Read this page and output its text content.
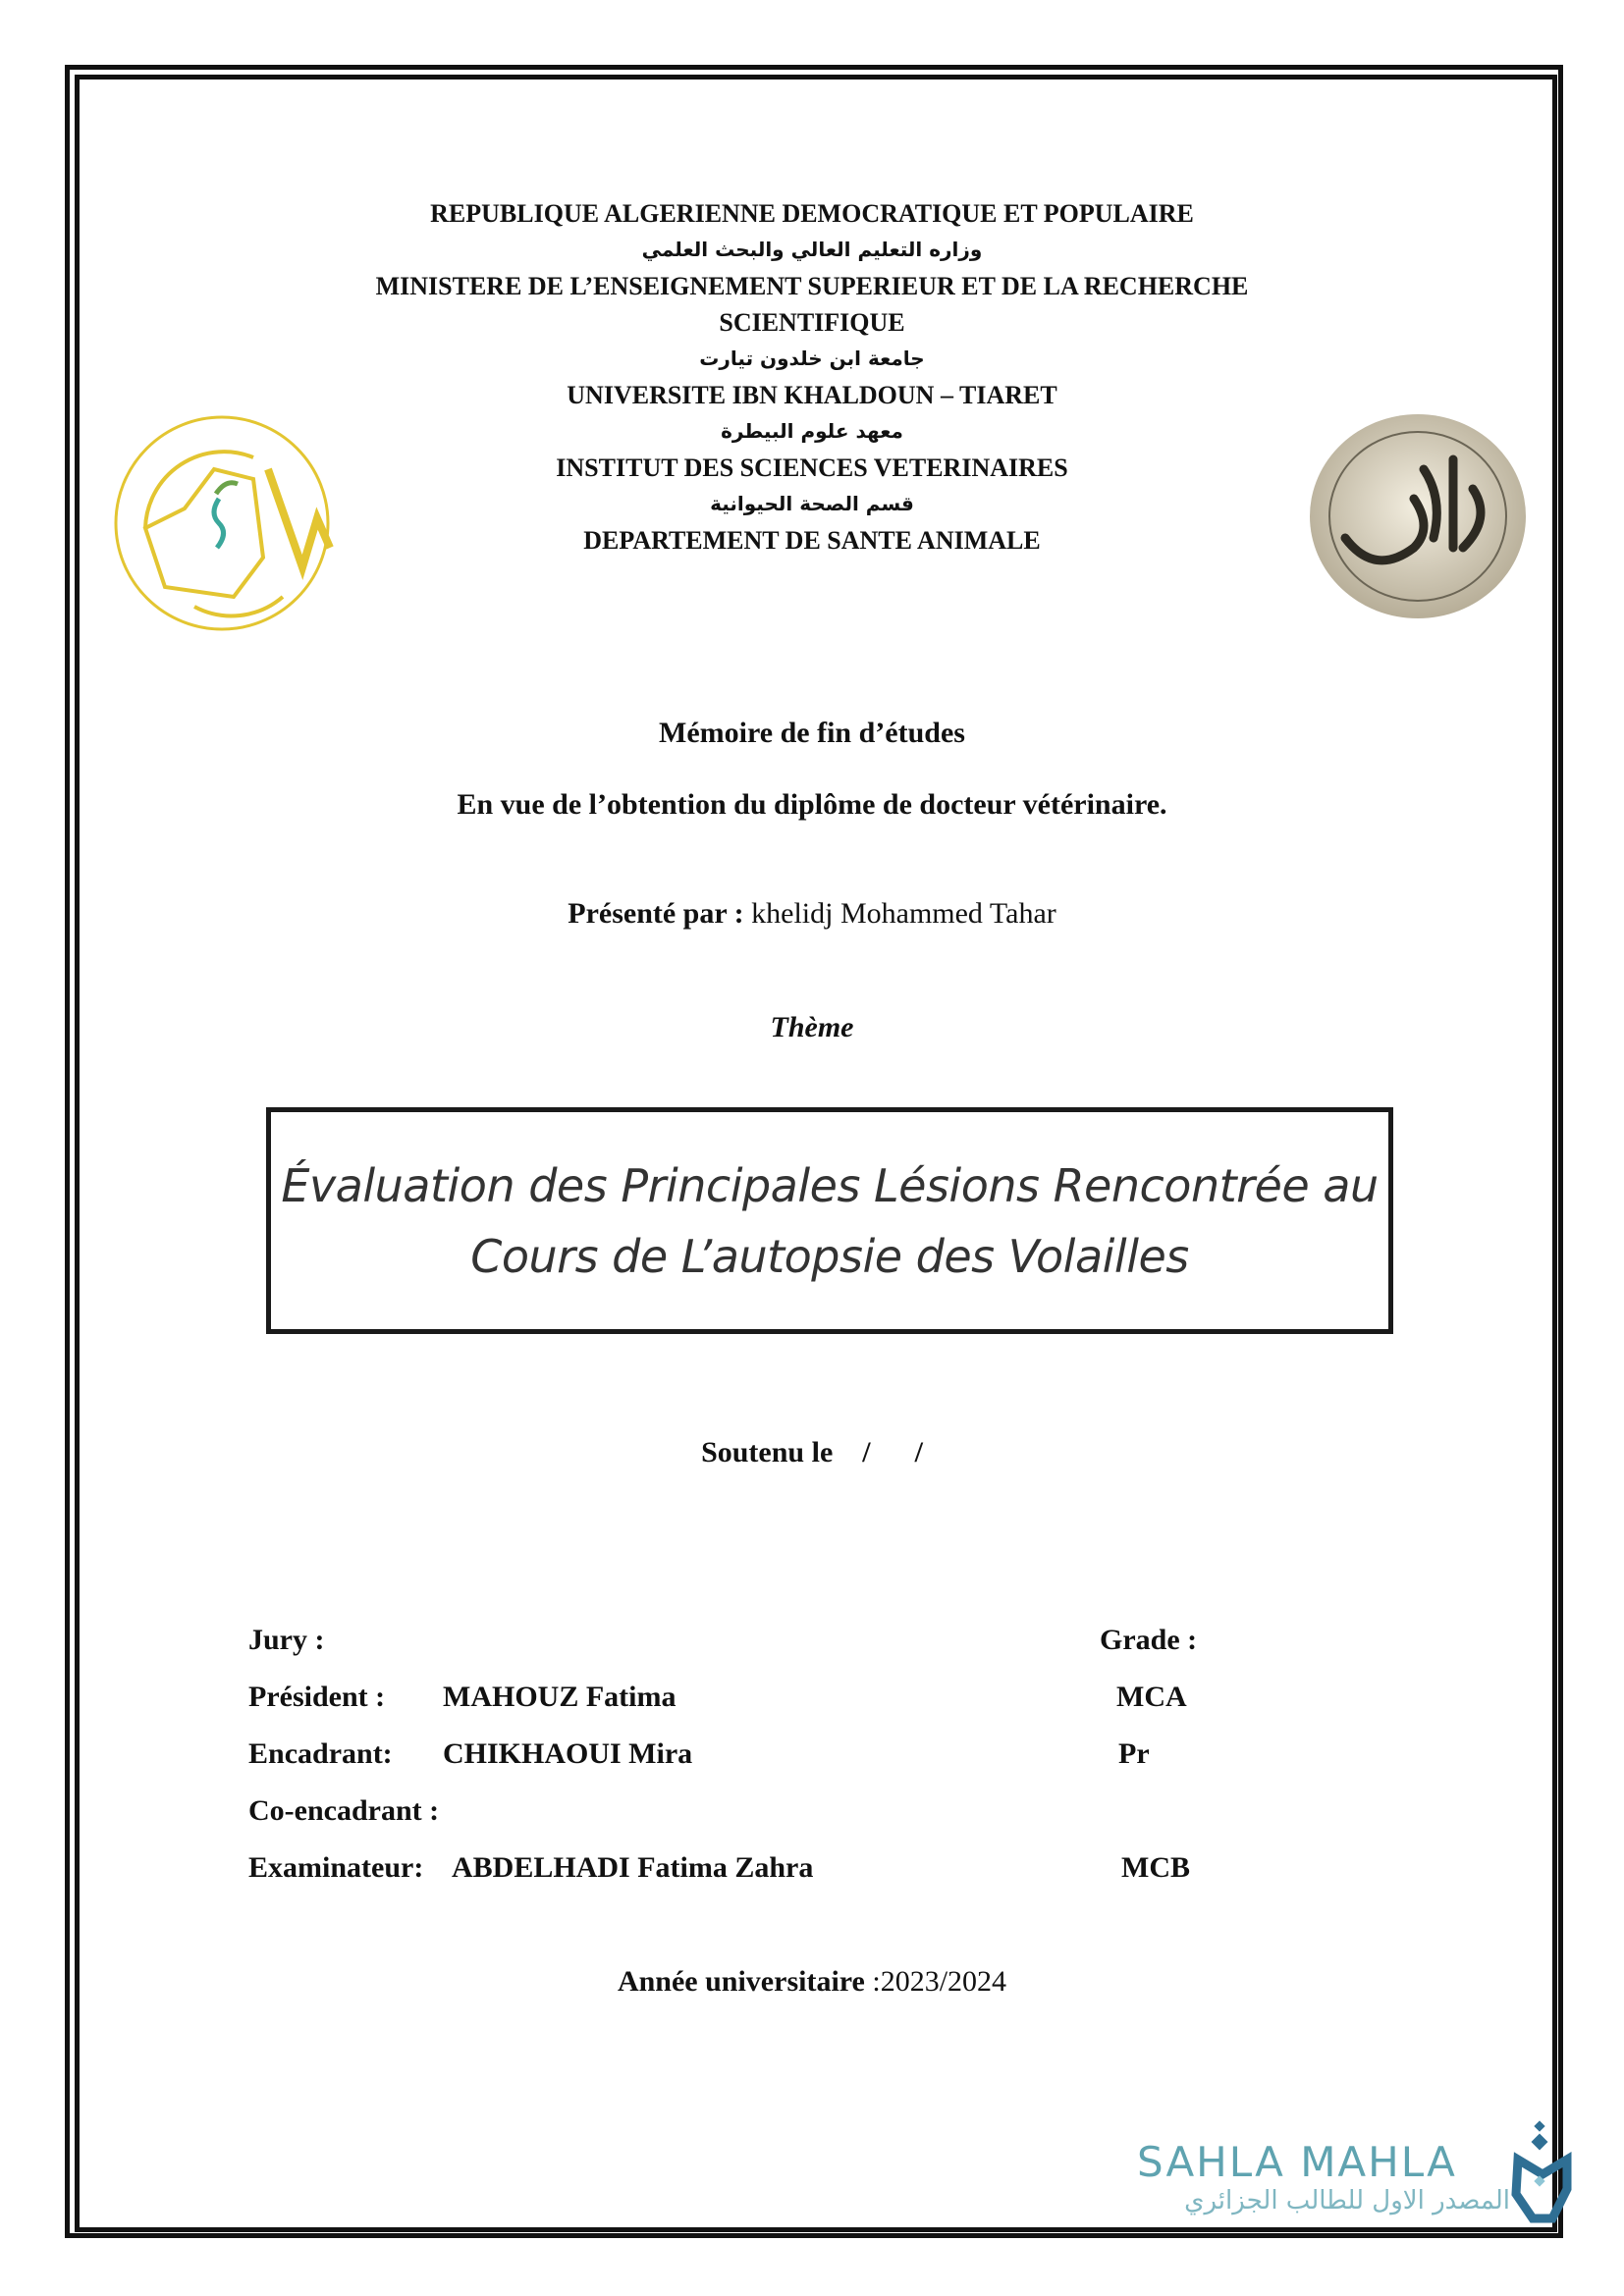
REPUBLIQUE ALGERIENNE DEMOCRATIQUE ET POPULAIRE
وزاره التعليم العالي والبحث العلمي
MINISTERE DE L’ENSEIGNEMENT SUPERIEUR ET DE LA RECHERCHE
SCIENTIFIQUE
جامعة ابن خلدون تيارت
UNIVERSITE IBN KHALDOUN – TIARET
معهد علوم البيطرة
INSTITUT DES SCIENCES VETERINAIRES
قسم الصحة الحيوانية
DEPARTEMENT DE SANTE ANIMALE
Mémoire de fin d’études
En vue de l’obtention du diplôme de docteur vétérinaire.
Présenté par : khelidj Mohammed Tahar
Thème
Évaluation des Principales Lésions Rencontrée au
Cours de L’autopsie des Volailles
Soutenu le    /      /
Jury :	Grade :
Président : MAHOUZ Fatima	MCA
Encadrant: CHIKHAOUI Mira	Pr
Co-encadrant :
Examinateur: ABDELHADI Fatima Zahra	MCB
Année universitaire :2023/2024
SAHLA MAHLA
المصدر الاول للطالب الجزائري
